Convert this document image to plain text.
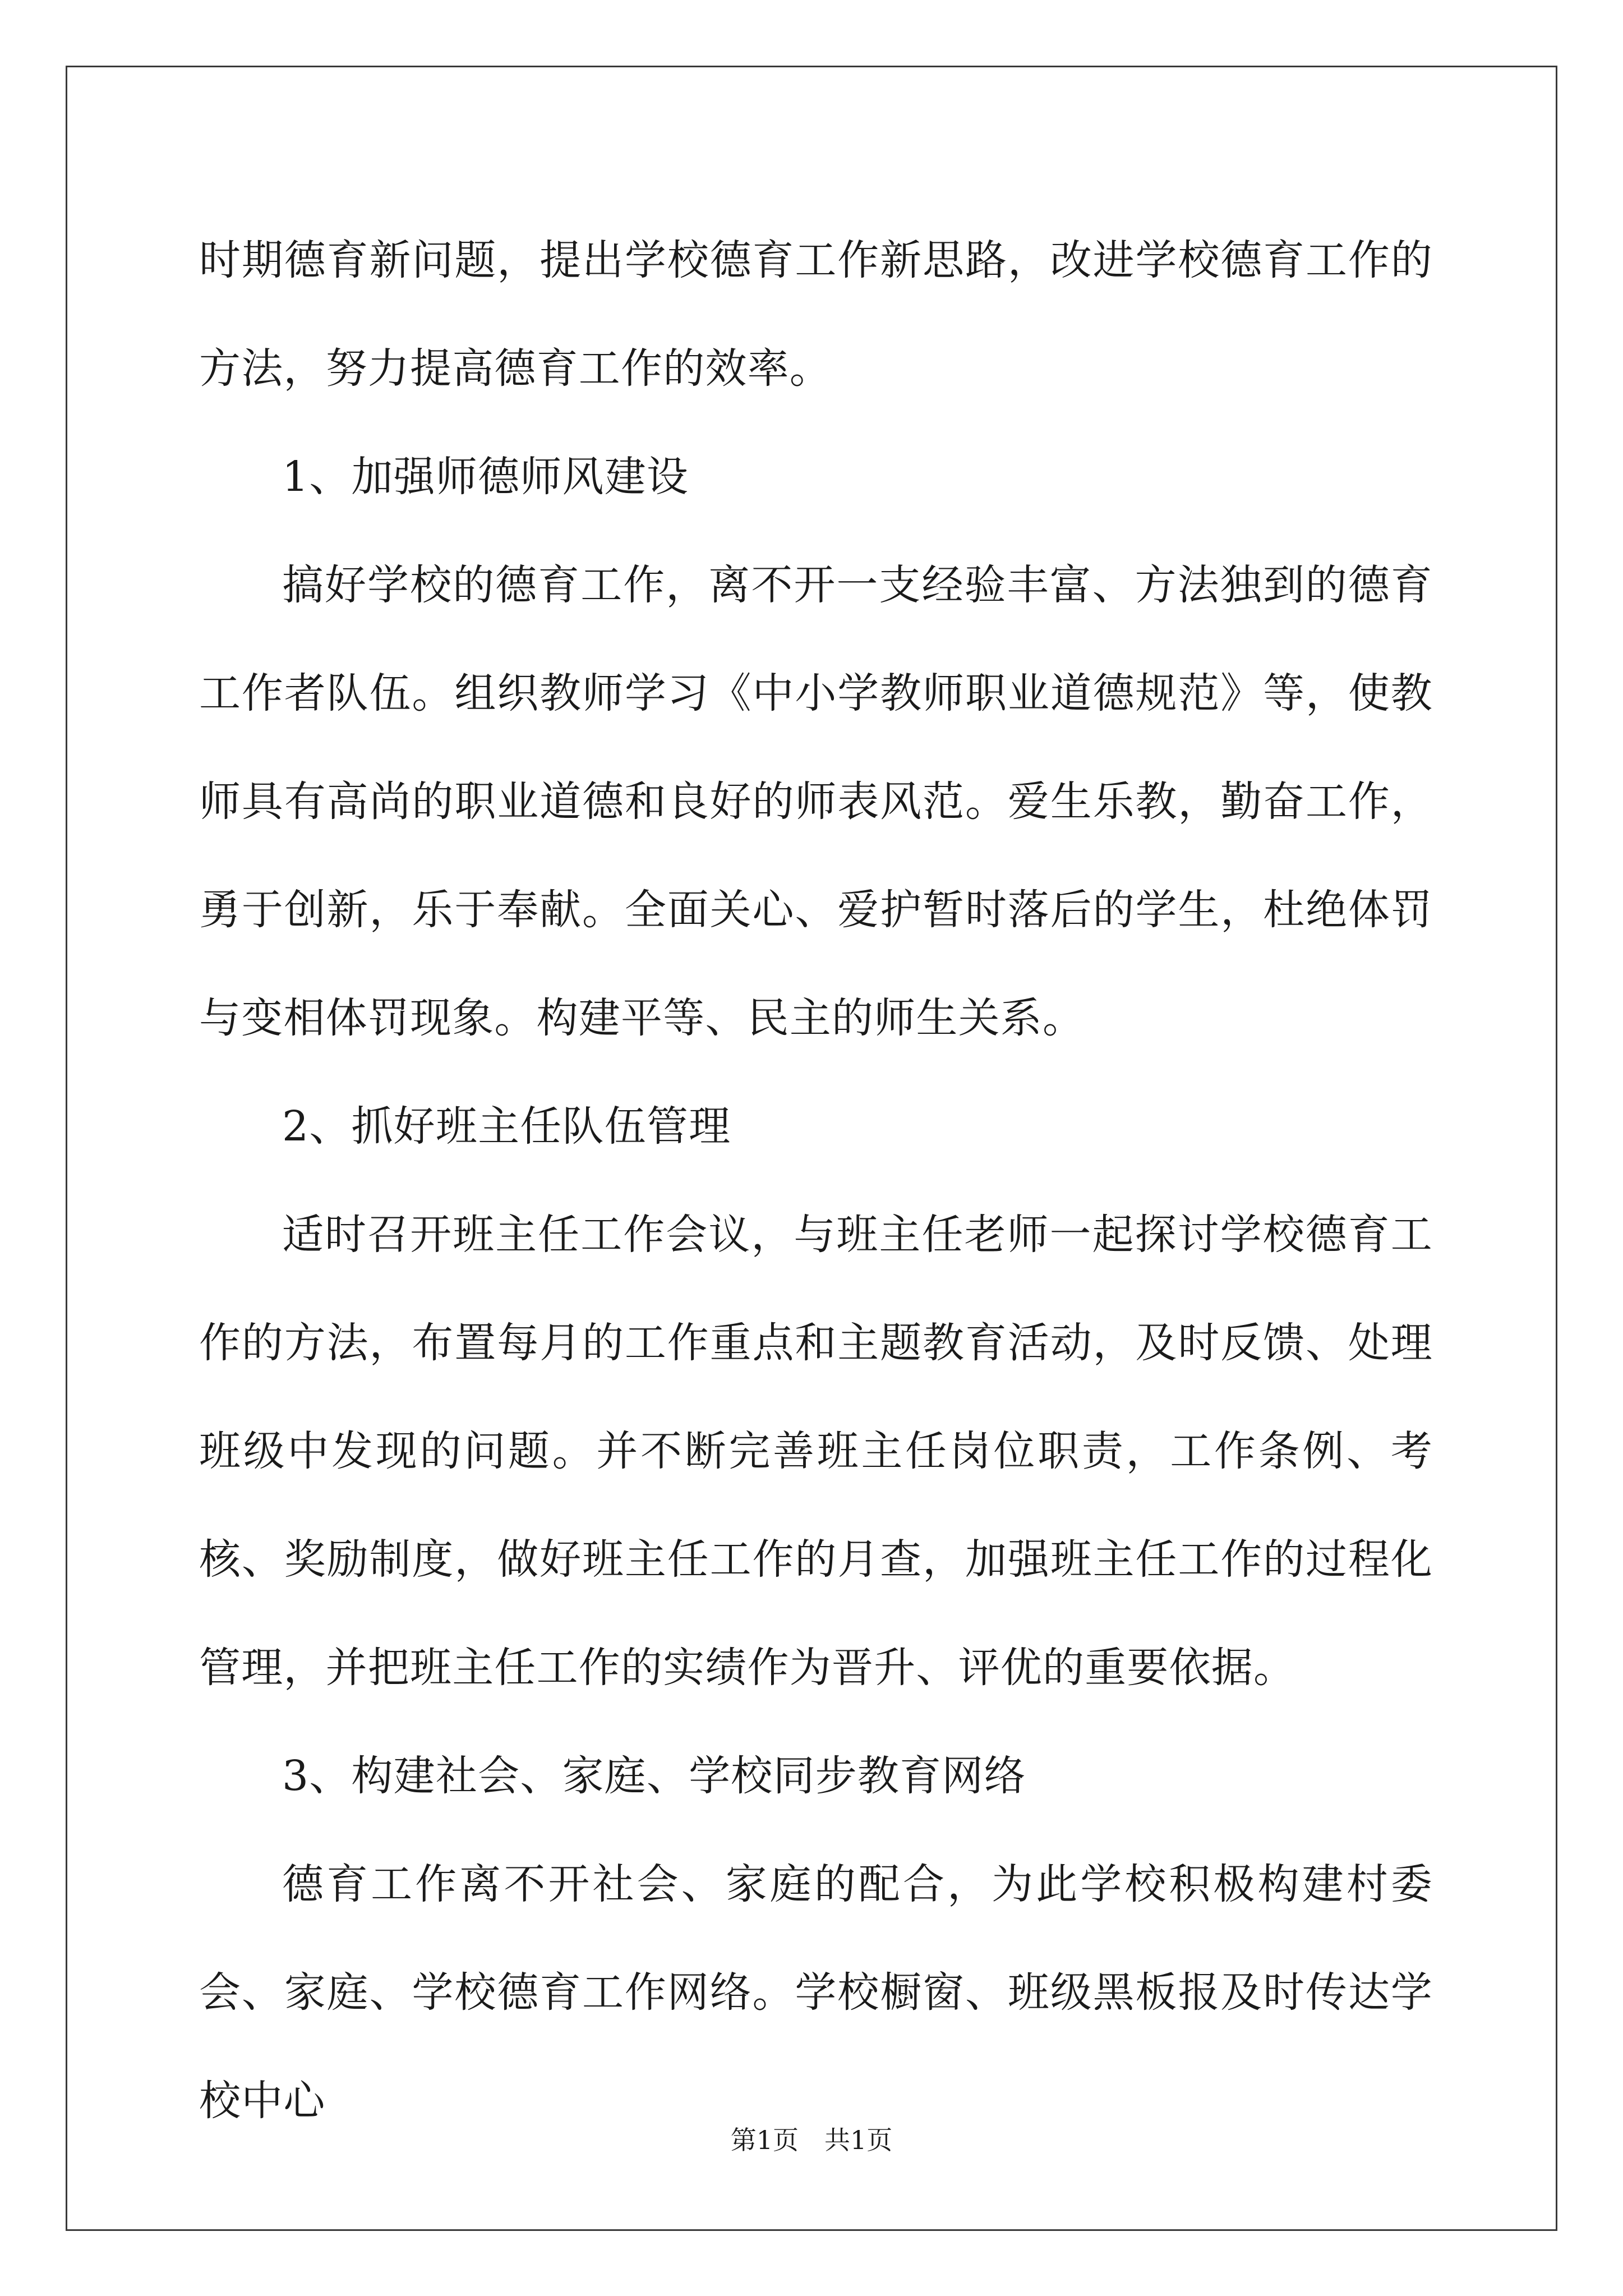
时期德育新问题，提出学校德育工作新思路，改进学校德育工作的方法，努力提高德育工作的效率。

1、加强师德师风建设

搞好学校的德育工作，离不开一支经验丰富、方法独到的德育工作者队伍。组织教师学习《中小学教师职业道德规范》等，使教师具有高尚的职业道德和良好的师表风范。爱生乐教，勤奋工作，勇于创新，乐于奉献。全面关心、爱护暂时落后的学生，杜绝体罚与变相体罚现象。构建平等、民主的师生关系。

2、抓好班主任队伍管理

适时召开班主任工作会议，与班主任老师一起探讨学校德育工作的方法，布置每月的工作重点和主题教育活动，及时反馈、处理班级中发现的问题。并不断完善班主任岗位职责，工作条例、考核、奖励制度，做好班主任工作的月查，加强班主任工作的过程化管理，并把班主任工作的实绩作为晋升、评优的重要依据。

3、构建社会、家庭、学校同步教育网络

德育工作离不开社会、家庭的配合，为此学校积极构建村委会、家庭、学校德育工作网络。学校橱窗、班级黑板报及时传达学校中心

第1页 共1页
